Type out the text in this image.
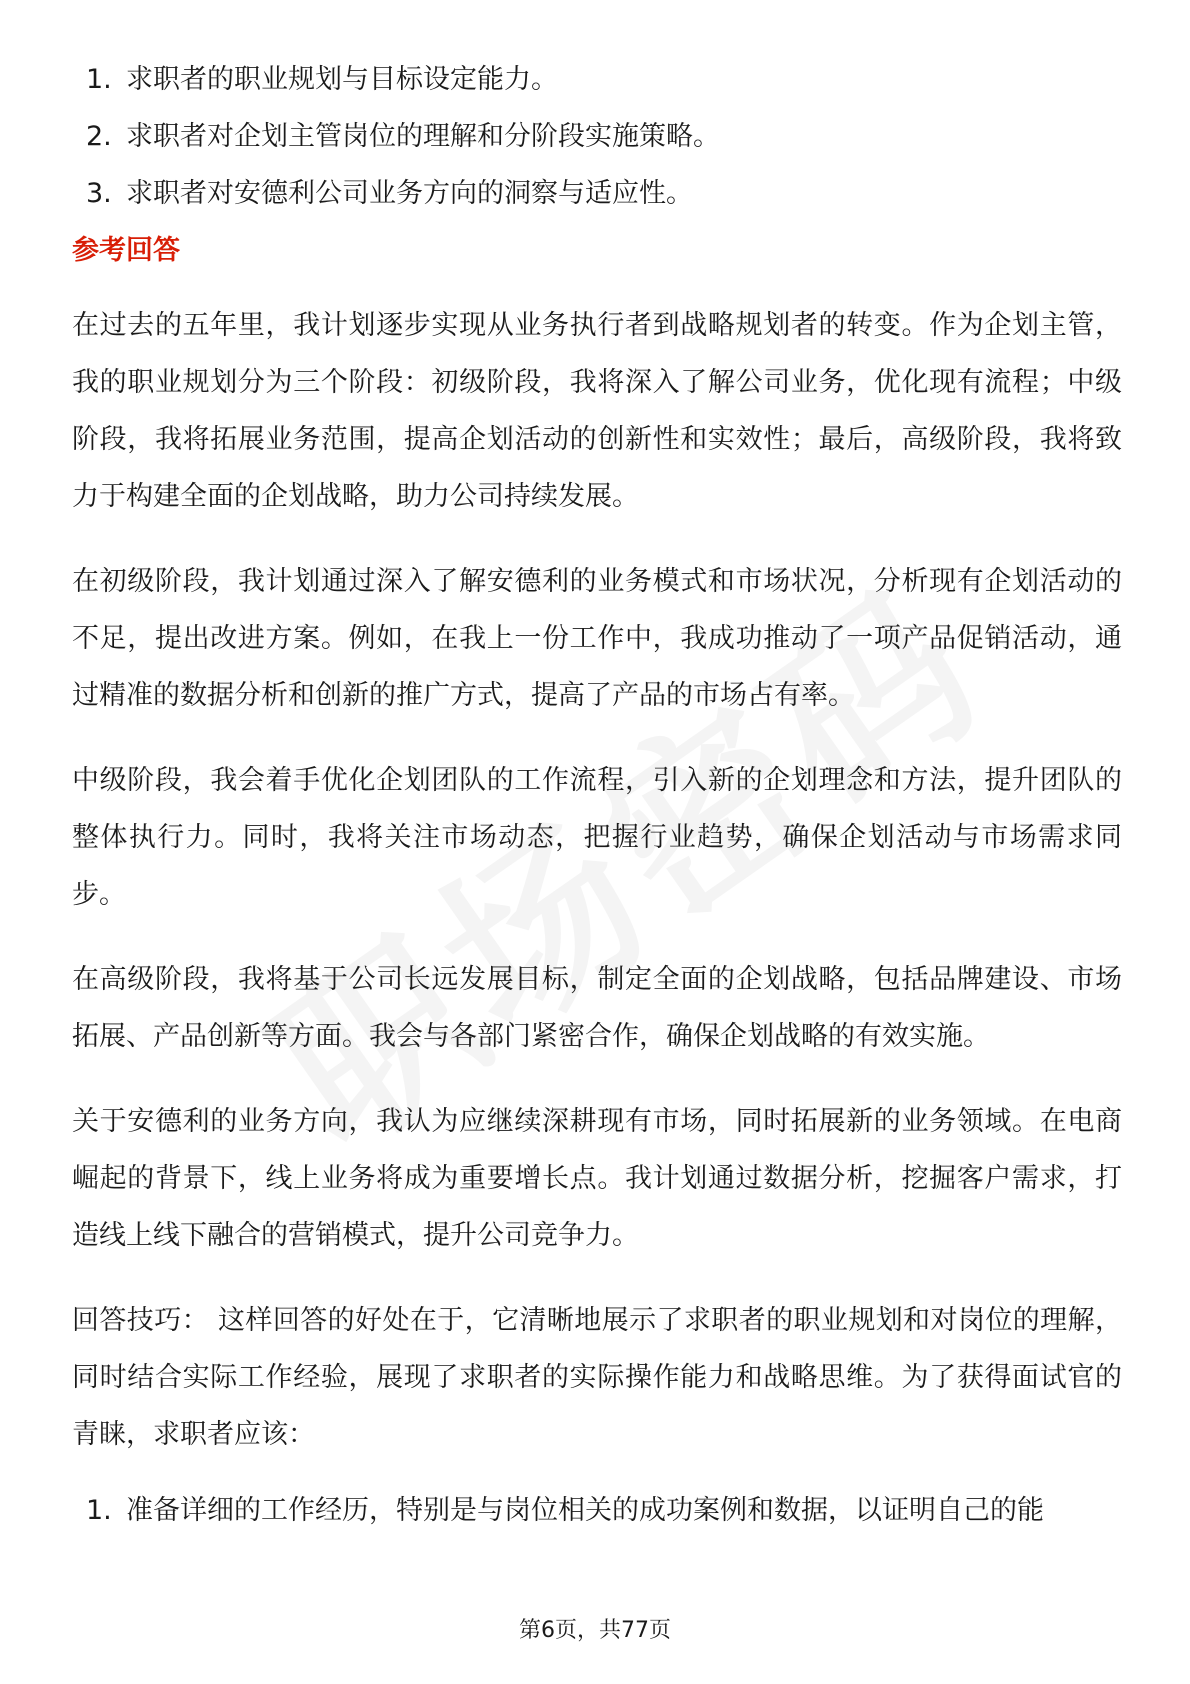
1. 求职者的职业规划与目标设定能力。
2. 求职者对企划主管岗位的理解和分阶段实施策略。
3. 求职者对安德利公司业务方向的洞察与适应性。
参考回答

在过去的五年里，我计划逐步实现从业务执行者到战略规划者的转变。作为企划主管，我的职业规划分为三个阶段：初级阶段，我将深入了解公司业务，优化现有流程；中级阶段，我将拓展业务范围，提高企划活动的创新性和实效性；最后，高级阶段，我将致力于构建全面的企划战略，助力公司持续发展。

在初级阶段，我计划通过深入了解安德利的业务模式和市场状况，分析现有企划活动的不足，提出改进方案。例如，在我上一份工作中，我成功推动了一项产品促销活动，通过精准的数据分析和创新的推广方式，提高了产品的市场占有率。

中级阶段，我会着手优化企划团队的工作流程，引入新的企划理念和方法，提升团队的整体执行力。同时，我将关注市场动态，把握行业趋势，确保企划活动与市场需求同步。

在高级阶段，我将基于公司长远发展目标，制定全面的企划战略，包括品牌建设、市场拓展、产品创新等方面。我会与各部门紧密合作，确保企划战略的有效实施。

关于安德利的业务方向，我认为应继续深耕现有市场，同时拓展新的业务领域。在电商崛起的背景下，线上业务将成为重要增长点。我计划通过数据分析，挖掘客户需求，打造线上线下融合的营销模式，提升公司竞争力。

回答技巧： 这样回答的好处在于，它清晰地展示了求职者的职业规划和对岗位的理解，同时结合实际工作经验，展现了求职者的实际操作能力和战略思维。为了获得面试官的青睐，求职者应该：

1. 准备详细的工作经历，特别是与岗位相关的成功案例和数据，以证明自己的能
第6页，共77页
